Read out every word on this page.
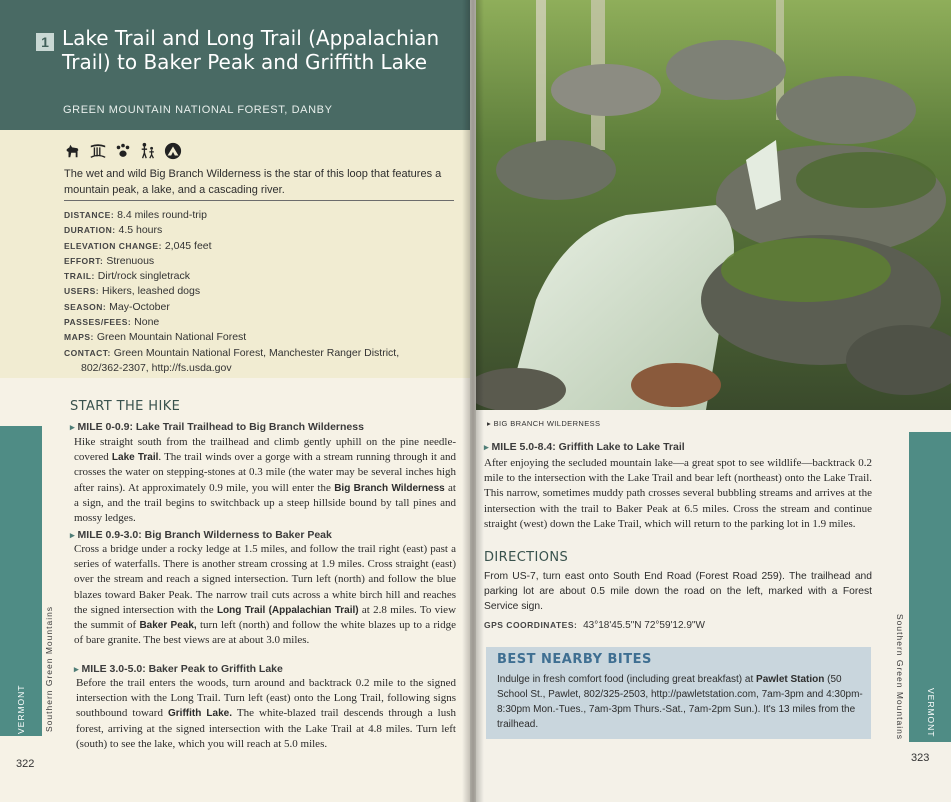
1 Lake Trail and Long Trail (Appalachian Trail) to Baker Peak and Griffith Lake
GREEN MOUNTAIN NATIONAL FOREST, DANBY

The wet and wild Big Branch Wilderness is the star of this loop that features a mountain peak, a lake, and a cascading river.

DISTANCE: 8.4 miles round-trip

DURATION: 4.5 hours

ELEVATION CHANGE: 2,045 feet

EFFORT: Strenuous

TRAIL: Dirt/rock singletrack

USERS: Hikers, leashed dogs

SEASON: May-October

PASSES/FEES: None

MAPS: Green Mountain National Forest

CONTACT: Green Mountain National Forest, Manchester Ranger District,

802/362-2307, http://fs.usda.gov

START THE HIKE
▸ MILE 0-0.9: Lake Trail Trailhead to Big Branch Wilderness

Hike straight south from the trailhead and climb gently uphill on the pine needle-covered Lake Trail. The trail winds over a gorge with a stream running through it and crosses the water on stepping-stones at 0.3 mile (the water may be several inches high after rains). At approximately 0.9 mile, you will enter the Big Branch Wilderness at a sign, and the trail begins to switchback up a steep hillside bound by tall pines and mossy ledges.

▸ MILE 0.9-3.0: Big Branch Wilderness to Baker Peak

Cross a bridge under a rocky ledge at 1.5 miles, and follow the trail right (east) past a series of waterfalls. There is another stream crossing at 1.9 miles. Cross straight (east) over the stream and reach a signed intersection. Turn left (north) and follow the blue blazes toward Baker Peak. The narrow trail cuts across a white birch hill and reaches the signed intersection with the Long Trail (Appalachian Trail) at 2.8 miles. To view the summit of Baker Peak, turn left (north) and follow the white blazes up to a ridge of bare granite. The best views are at about 3.0 miles.

▸ MILE 3.0-5.0: Baker Peak to Griffith Lake

Before the trail enters the woods, turn around and backtrack 0.2 mile to the signed intersection with the Long Trail. Turn left (east) onto the Long Trail, following signs southbound toward Griffith Lake. The white-blazed trail descends through a lush forest, arriving at the signed intersection with the Lake Trail at 4.8 miles. Turn left (south) to see the lake, which you will reach at 5.0 miles.

VERMONT Southern Green Mountains
322
▸ BIG BRANCH WILDERNESS
▸ MILE 5.0-8.4: Griffith Lake to Lake Trail

After enjoying the secluded mountain lake—a great spot to see wildlife—backtrack 0.2 mile to the intersection with the Lake Trail and bear left (northeast) onto the Lake Trail. This narrow, sometimes muddy path crosses several bubbling streams and arrives at the intersection with the trail to Baker Peak at 6.5 miles. Cross the stream and continue straight (west) down the Lake Trail, which will return to the parking lot in 1.9 miles.

DIRECTIONS

From US-7, turn east onto South End Road (Forest Road 259). The trailhead and parking lot are about 0.5 mile down the road on the left, marked with a Forest Service sign.

GPS COORDINATES: 43°18'45.5"N 72°59'12.9"W
BEST NEARBY BITES

Indulge in fresh comfort food (including great breakfast) at Pawlet Station (50 School St., Pawlet, 802/325-2503, http://pawletstation.com, 7am-3pm and 4:30pm-8:30pm Mon.-Tues., 7am-3pm Thurs.-Sat., 7am-2pm Sun.). It's 13 miles from the trailhead.	VERMONT
Southern Green Mountains
323
